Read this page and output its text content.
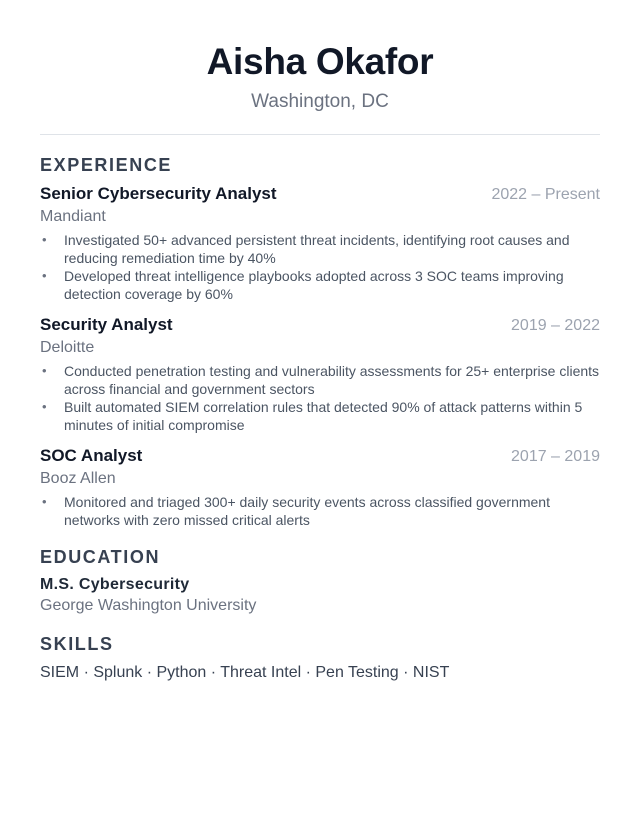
Aisha Okafor
Washington, DC
EXPERIENCE
Senior Cybersecurity Analyst	2022 – Present
Mandiant
• Investigated 50+ advanced persistent threat incidents, identifying root causes and reducing remediation time by 40%
• Developed threat intelligence playbooks adopted across 3 SOC teams improving detection coverage by 60%
Security Analyst	2019 – 2022
Deloitte
• Conducted penetration testing and vulnerability assessments for 25+ enterprise clients across financial and government sectors
• Built automated SIEM correlation rules that detected 90% of attack patterns within 5 minutes of initial compromise
SOC Analyst	2017 – 2019
Booz Allen
• Monitored and triaged 300+ daily security events across classified government networks with zero missed critical alerts
EDUCATION
M.S. Cybersecurity
George Washington University
SKILLS
SIEM · Splunk · Python · Threat Intel · Pen Testing · NIST
